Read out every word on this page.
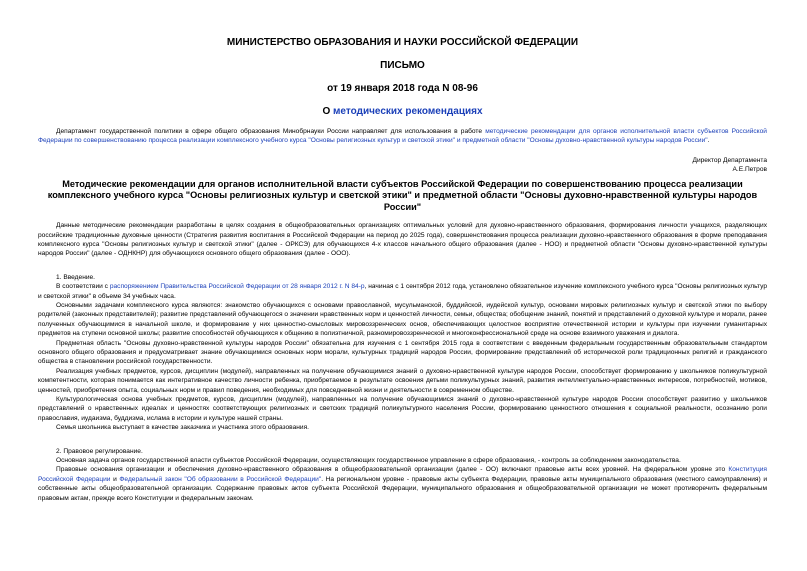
МИНИСТЕРСТВО ОБРАЗОВАНИЯ И НАУКИ РОССИЙСКОЙ ФЕДЕРАЦИИ
ПИСЬМО
от 19 января 2018 года N 08-96
О методических рекомендациях

Департамент государственной политики в сфере общего образования Минобрнауки России направляет для использования в работе методические рекомендации для органов исполнительной власти субъектов Российской Федерации по совершенствованию процесса реализации комплексного учебного курса "Основы религиозных культур и светской этики" и предметной области "Основы духовно-нравственной культуры народов России".

Директор Департамента
А.Е.Петров
Методические рекомендации для органов исполнительной власти субъектов Российской Федерации по совершенствованию процесса реализации комплексного учебного курса "Основы религиозных культур и светской этики" и предметной области "Основы духовно-нравственной культуры народов России"

Данные методические рекомендации разработаны в целях создания в общеобразовательных организациях оптимальных условий для духовно-нравственного образования, формирования личности учащихся, разделяющих российские традиционные духовные ценности (Стратегия развития воспитания в Российской Федерации на период до 2025 года), совершенствования процесса реализации духовно-нравственного образования в форме преподавания комплексного курса "Основы религиозных культур и светской этики" (далее - ОРКСЭ) для обучающихся 4-х классов начального общего образования (далее - НОО) и предметной области "Основы духовно-нравственной культуры народов России" (далее - ОДНКНР) для обучающихся основного общего образования (далее - ООО).

1. Введение.

В соответствии с распоряжением Правительства Российской Федерации от 28 января 2012 г. N 84-р, начиная с 1 сентября 2012 года, установлено обязательное изучение комплексного учебного курса "Основы религиозных культур и светской этики" в объеме 34 учебных часа.

Основными задачами комплексного курса являются: знакомство обучающихся с основами православной, мусульманской, буддийской, иудейской культур, основами мировых религиозных культур и светской этики по выбору родителей (законных представителей); развитие представлений обучающегося о значении нравственных норм и ценностей личности, семьи, общества; обобщение знаний, понятий и представлений о духовной культуре и морали, ранее полученных обучающимися в начальной школе, и формирование у них ценностно-смысловых мировоззренческих основ, обеспечивающих целостное восприятие отечественной истории и культуры при изучении гуманитарных предметов на ступени основной школы; развитие способностей обучающихся к общению в полиэтничной, разномировоззренческой и многоконфессиональной среде на основе взаимного уважения и диалога.

Предметная область "Основы духовно-нравственной культуры народов России" обязательна для изучения с 1 сентября 2015 года в соответствии с введенным федеральным государственным образовательным стандартом основного общего образования и предусматривает знание обучающимися основных норм морали, культурных традиций народов России, формирование представлений об исторической роли традиционных религий и гражданского общества в становлении российской государственности.

Реализация учебных предметов, курсов, дисциплин (модулей), направленных на получение обучающимися знаний о духовно-нравственной культуре народов России, способствует формированию у школьников поликультурной компетентности, которая понимается как интегративное качество личности ребенка, приобретаемое в результате освоения детьми поликультурных знаний, развития интеллектуально-нравственных интересов, потребностей, мотивов, ценностей, приобретения опыта, социальных норм и правил поведения, необходимых для повседневной жизни и деятельности в современном обществе.

Культурологическая основа учебных предметов, курсов, дисциплин (модулей), направленных на получение обучающимися знаний о духовно-нравственной культуре народов России способствует развитию у школьников представлений о нравственных идеалах и ценностях соответствующих религиозных и светских традиций поликультурного населения России, формированию ценностного отношения к социальной реальности, осознанию роли православия, иудаизма, буддизма, ислама в истории и культуре нашей страны.

Семья школьника выступает в качестве заказчика и участника этого образования.

2. Правовое регулирование.

Основная задача органов государственной власти субъектов Российской Федерации, осуществляющих государственное управление в сфере образования, - контроль за соблюдением законодательства.

Правовые основания организации и обеспечения духовно-нравственного образования в общеобразовательной организации (далее - ОО) включают правовые акты всех уровней. На федеральном уровне это Конституция Российской Федерации и Федеральный закон "Об образовании в Российской Федерации". На региональном уровне - правовые акты субъекта Федерации, правовые акты муниципального образования (местного самоуправления) и собственные акты общеобразовательной организации. Содержание правовых актов субъекта Российской Федерации, муниципального образования и общеобразовательной организации не может противоречить федеральным правовым актам, прежде всего Конституции и федеральным законам.
